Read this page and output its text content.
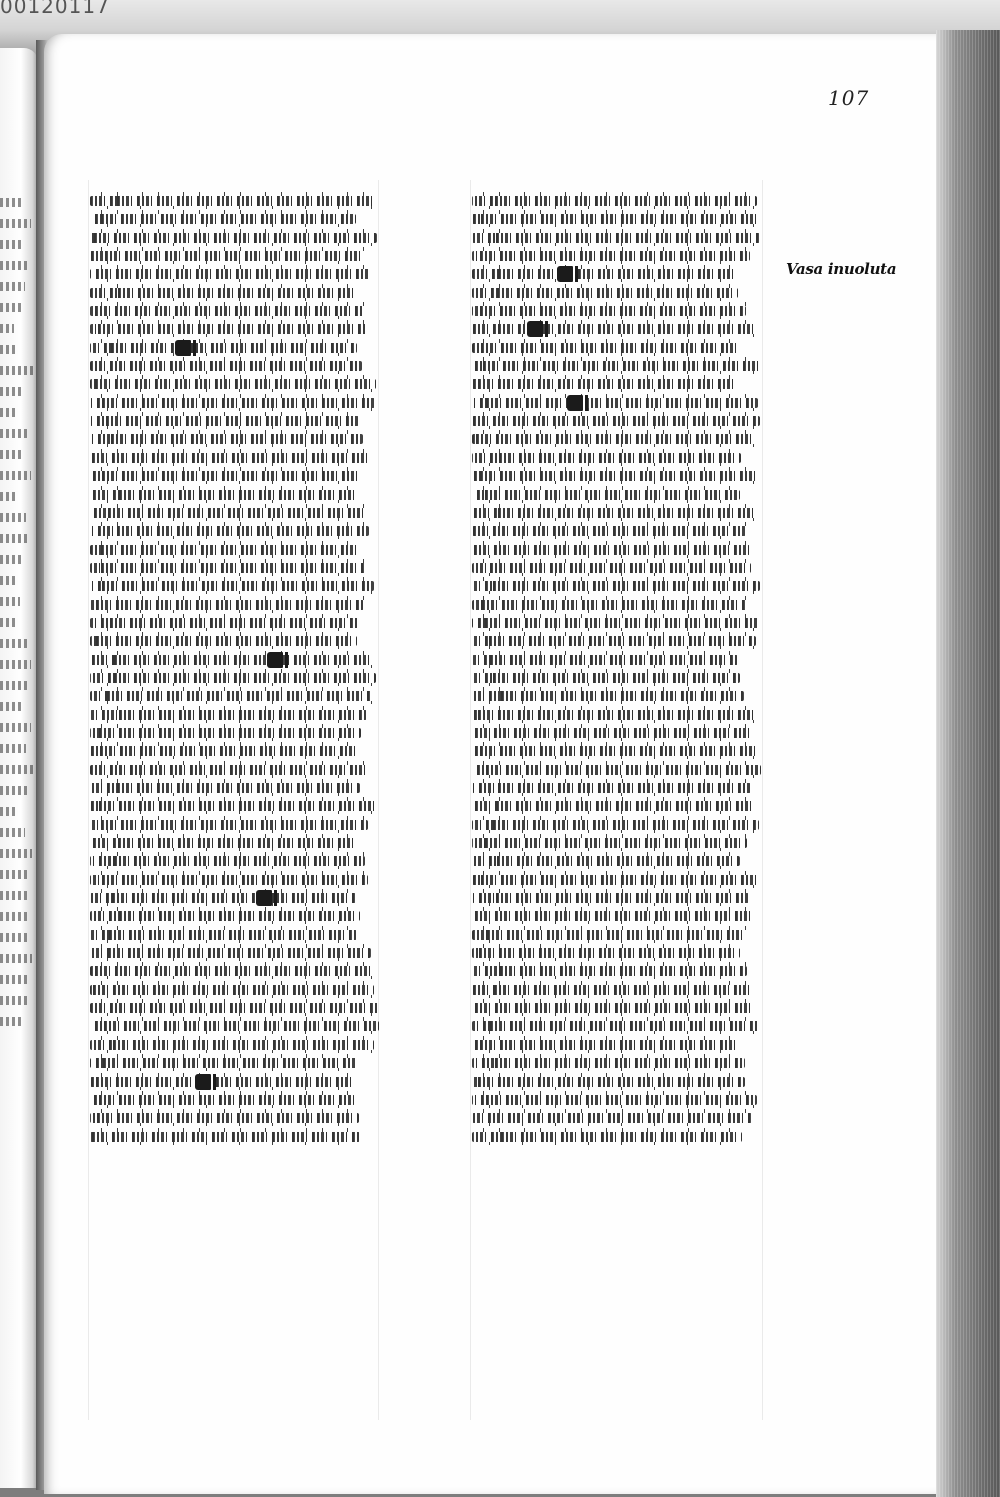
00120117
107
Vasa inuoluta
